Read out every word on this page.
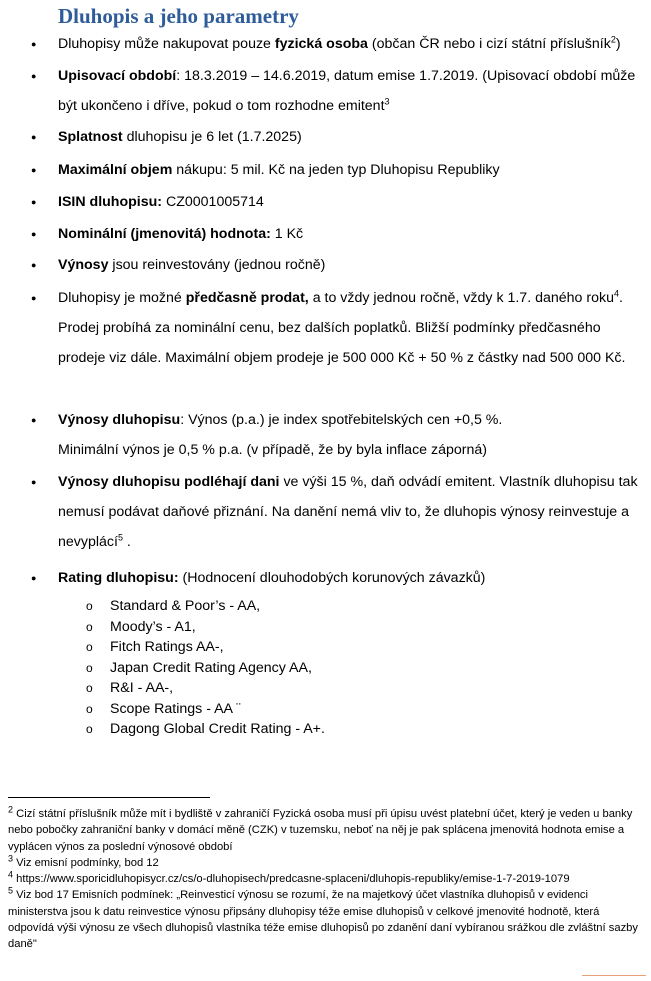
Dluhopis a jeho parametry
●
Dluhopisy může nakupovat pouze fyzická osoba (občan ČR nebo i cizí státní příslušník$^2$)
●
Upisovací období: 18.3.2019 – 14.6.2019, datum emise 1.7.2019. (Upisovací období může být ukončeno i dříve, pokud o tom rozhodne emitent$^3$
●
Splatnost dluhopisu je 6 let (1.7.2025)
●
Maximální objem nákupu: 5 mil. Kč na jeden typ Dluhopisu Republiky
●
ISIN dluhopisu: CZ0001005714
●
Nominální (jmenovitá) hodnota: 1 Kč
●
Výnosy jsou reinvestovány (jednou ročně)
●
Dluhopisy je možné předčasně prodat, a to vždy jednou ročně, vždy k 1.7. daného roku$^4$. Prodej probíhá za nominální cenu, bez dalších poplatků. Bližší podmínky předčasného prodeje viz dále. Maximální objem prodeje je 500 000 Kč + 50 % z částky nad 500 000 Kč.
●
Výnosy dluhopisu: Výnos (p.a.) je index spotřebitelských cen +0,5 %.
Minimální výnos je 0,5 % p.a. (v případě, že by byla inflace záporná)
●
Výnosy dluhopisu podléhají dani ve výši 15 %, daň odvádí emitent. Vlastník dluhopisu tak nemusí podávat daňové přiznání. Na danění nemá vliv to, že dluhopis výnosy reinvestuje a nevyplácí$^5$ .
●
Rating dluhopisu: (Hodnocení dlouhodobých korunových závazků)
o Standard & Poor’s - AA,
o Moody’s - A1,
o Fitch Ratings AA-,
o Japan Credit Rating Agency AA,
o R&I - AA-,
o Scope Ratings - AA ¨
o Dagong Global Credit Rating - A+.

$^2$ Cizí státní příslušník může mít i bydliště v zahraničí Fyzická osoba musí při úpisu uvést platební účet, který je veden u banky nebo pobočky zahraniční banky v domácí měně (CZK) v tuzemsku, neboť na něj je pak splácena jmenovitá hodnota emise a vyplácen výnos za poslední výnosové období

$^3$ Viz emisní podmínky, bod 12

$^4$ https://www.sporicidluhopisycr.cz/cs/o-dluhopisech/predcasne-splaceni/dluhopis-republiky/emise-1-7-2019-1079

$^5$ Viz bod 17 Emisních podmínek: „Reinvesticí výnosu se rozumí, že na majetkový účet vlastníka dluhopisů v evidenci ministerstva jsou k datu reinvestice výnosu připsány dluhopisy téže emise dluhopisů v celkové jmenovité hodnotě, která odpovídá výši výnosu ze všech dluhopisů vlastníka téže emise dluhopisů po zdanění daní vybíranou srážkou dle zvláštní sazby daně"
